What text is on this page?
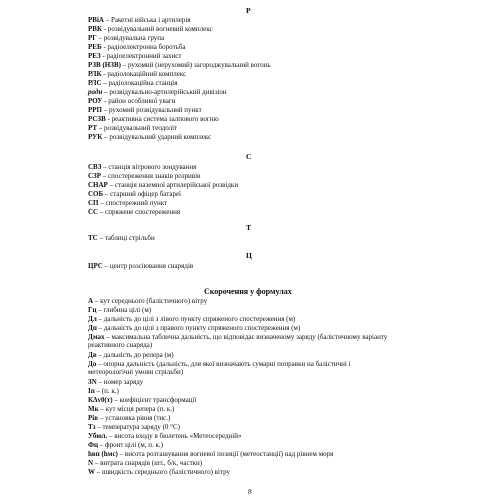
Р
РВіА – Ракетні війська і артилерія
РВК - розвідувальний вогневий комплекс
РГ – розвідувальна група
РЕБ - радіоелектронна боротьба
РЕЗ - радіоелектронний захист
РЗВ (НЗВ) – рухомий (нерухомий) загороджувальний вогонь
РЛК - радіолокаційний комплекс
РЛС – радіолокаційна станція
радн – розвідувально-артилерійський дивізіон
РОУ - район особливої уваги
РРП – рухомий розвідувальний пункт
РСЗВ - реактивна система залпового вогню
РТ – розвідувальний теодоліт
РУК – розвідувальний ударний комплекс
С
СВЗ – станція вітрового зондування
СЗР – спостереження знаків розривів
СНАР – станція наземної артилерійської розвідки
СОБ – старший офіцер батареї
СП – спостережний пункт
СС – спряжене спостереження
Т
ТС – таблиці стрільби
Ц
ЦРС – центр розсіювання снарядів
Скорочення у формулах
А – кут середнього (балістичного) вітру
Гц – глибина цілі (м)
Дл – дальність до цілі з лівого пункту спряженого спостереження (м)
Дп – дальність до цілі з правого пункту спряженого спостереження (м)
Дмах – максимальна таблична дальність, що відповідає визначеному заряду (балістичному варіанту реактивного снаряда)
Дв – дальність до репера (м)
До – опорна дальність (дальність, для якої визначають сумарні поправки на балістичні і метеорологічні умови стрільби)
ЗN – номер заряду
Іп – (п. к.)
КΔv0(т) – коефіцієнт трансформації
Мк – кут місця репера (п. к.)
Рів – установка рівня (тис.)
Тз – температура заряду (0 °С)
Убюл. – висота входу в бюлетень «Метеосередній»
Фц – фронт цілі (м, п. к.)
hвп (hмс) – висота розташування вогневої позиції (метеостанції) над рівнем моря
N – витрата снарядів (шт., б/к, частки)
W – швидкість середнього (балістичного) вітру
8
